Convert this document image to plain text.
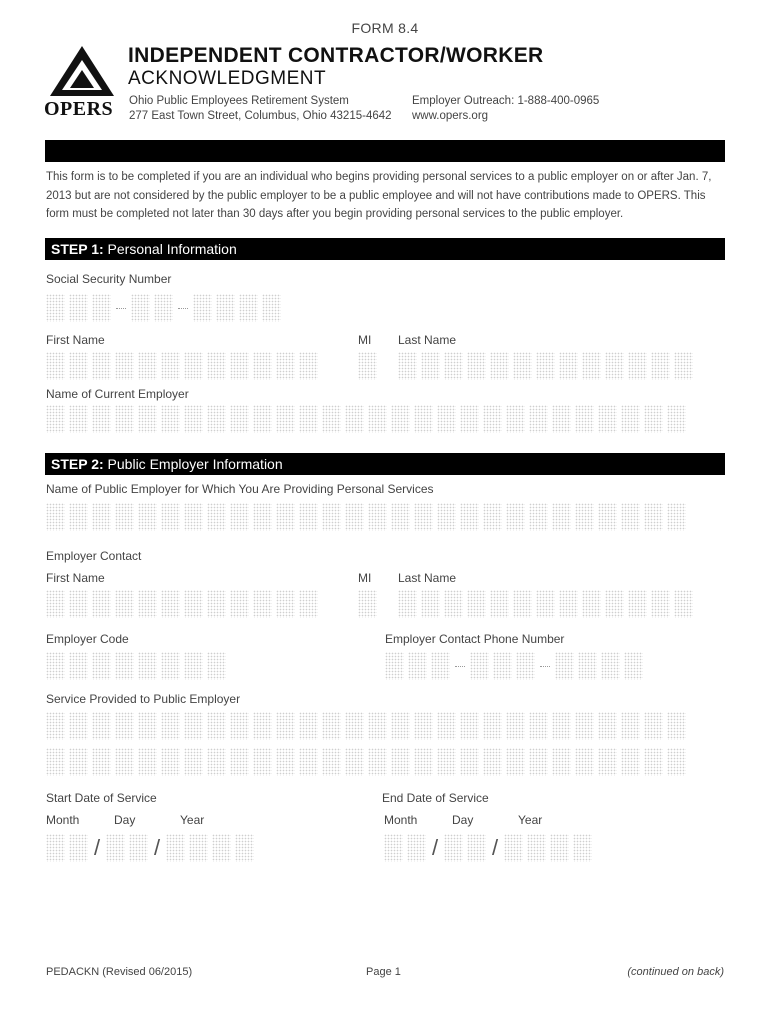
FORM 8.4
OPERS
INDEPENDENT CONTRACTOR/WORKER
ACKNOWLEDGMENT
Ohio Public Employees Retirement System
277 East Town Street, Columbus, Ohio 43215-4642
Employer Outreach: 1-888-400-0965
www.opers.org
This form is to be completed if you are an individual who begins providing personal services to a public employer on or after Jan. 7, 2013 but are not considered by the public employer to be a public employee and will not have contributions made to OPERS. This form must be completed not later than 30 days after you begin providing personal services to the public employer.
STEP 1: Personal Information
Social Security Number
First Name	MI Last Name
Name of Current Employer
STEP 2: Public Employer Information
Name of Public Employer for Which You Are Providing Personal Services
Employer Contact
First Name	MI Last Name
Employer Code	Employer Contact Phone Number
Service Provided to Public Employer
Start Date of Service	End Date of Service
Month	Day	Year	Month	Day	Year
/ /	/ /
PEDACKN (Revised 06/2015)	Page 1	(continued on back)
